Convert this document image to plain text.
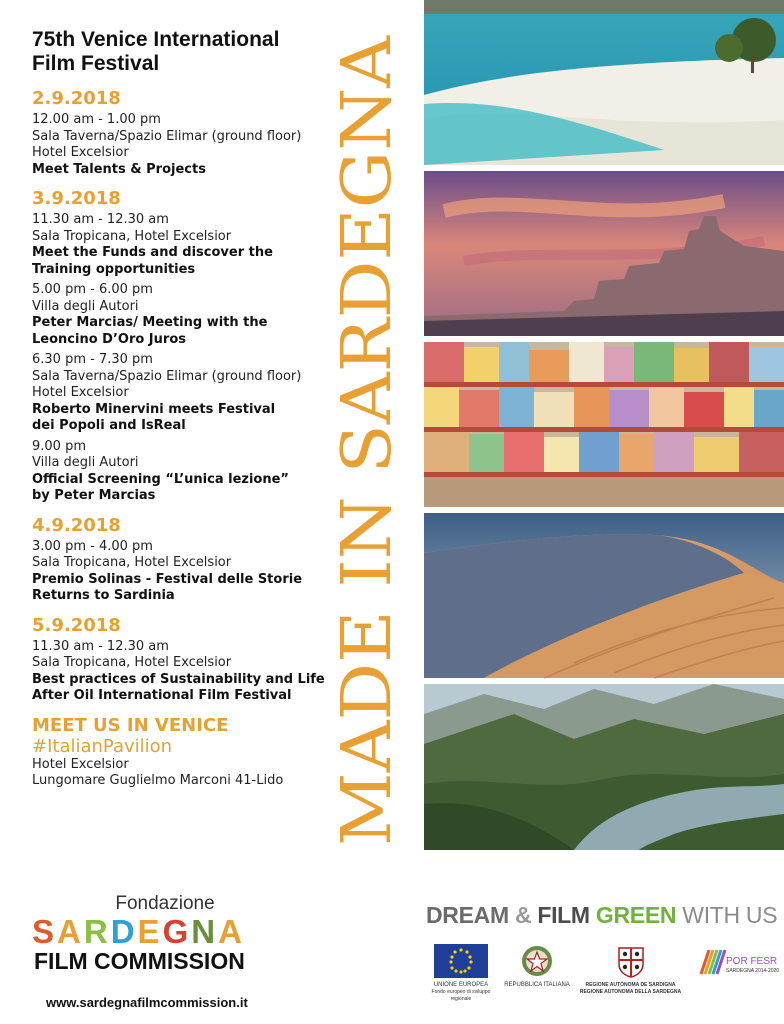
75th Venice International
Film Festival
2.9.2018
12.00 am - 1.00 pm
Sala Taverna/Spazio Elimar (ground floor)
Hotel Excelsior
Meet Talents & Projects
3.9.2018
11.30 am - 12.30 am
Sala Tropicana, Hotel Excelsior
Meet the Funds and discover the
Training opportunities
5.00 pm - 6.00 pm
Villa degli Autori
Peter Marcias/ Meeting with the
Leoncino D’Oro Juros
6.30 pm - 7.30 pm
Sala Taverna/Spazio Elimar (ground floor)
Hotel Excelsior
Roberto Minervini meets Festival
dei Popoli and IsReal
9.00 pm
Villa degli Autori
Official Screening “L’unica lezione”
by Peter Marcias
4.9.2018
3.00 pm - 4.00 pm
Sala Tropicana, Hotel Excelsior
Premio Solinas - Festival delle Storie
Returns to Sardinia
5.9.2018
11.30 am - 12.30 am
Sala Tropicana, Hotel Excelsior
Best practices of Sustainability and Life
After Oil International Film Festival
MEET US IN VENICE
#ItalianPavilion
Hotel Excelsior
Lungomare Guglielmo Marconi 41-Lido MADE IN SARDEGNA
Fondazione
SARDEGNA
FILM COMMISSION
www.sardegnafilmcommission.it
DREAM & FILM GREEN WITH US
UNIONE EUROPEA
Fondo europeo di sviluppo regionale
REPUBBLICA ITALIANA	REGIONE AUTÒNOMA DE SARDIGNA
REGIONE AUTONOMA DELLA SARDEGNA
POR FESR
SARDEGNA 2014-2020
